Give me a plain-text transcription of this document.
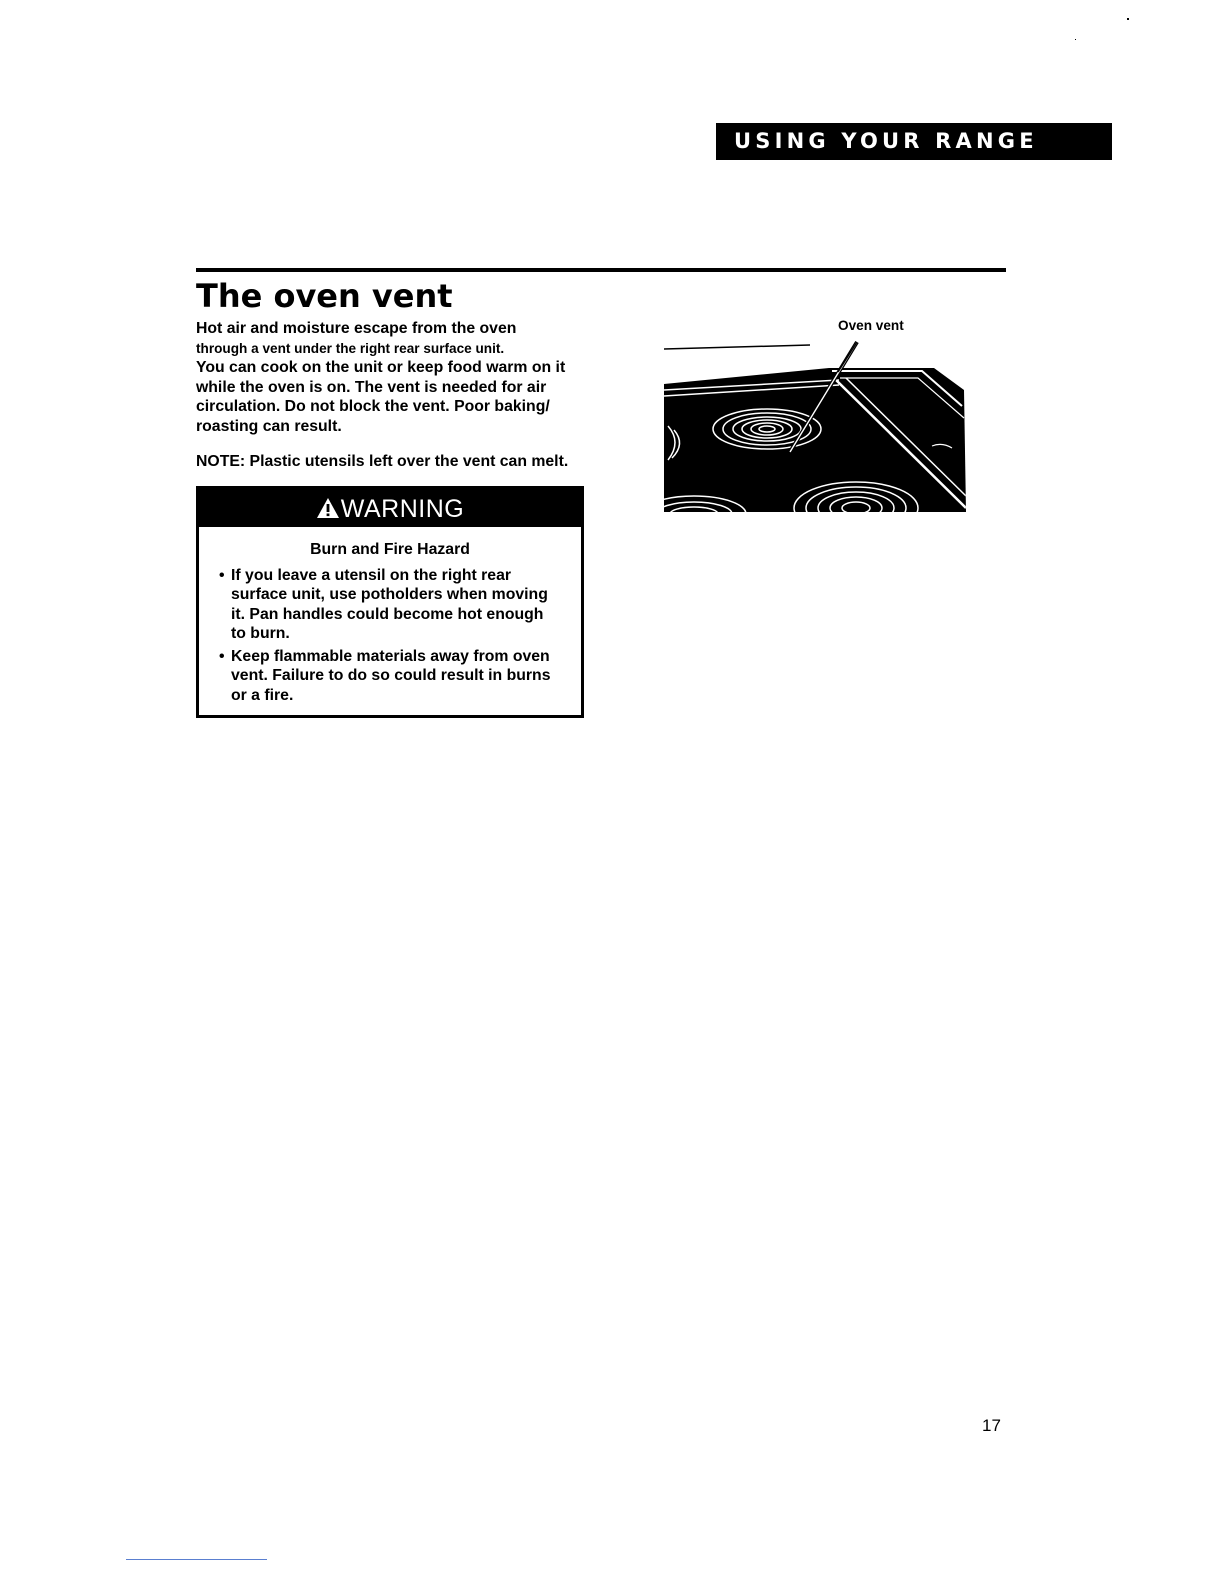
USING YOUR RANGE
The oven vent

Hot air and moisture escape from the oven
through a vent under the right rear surface unit.
You can cook on the unit or keep food warm on it while the oven is on. The vent is needed for air circulation. Do not block the vent. Poor baking/ roasting can result.

NOTE: Plastic utensils left over the vent can melt.

WARNING
Burn and Fire Hazard
• If you leave a utensil on the right rear surface unit, use potholders when moving it. Pan handles could become hot enough to burn.
• Keep flammable materials away from oven vent. Failure to do so could result in burns or a fire.
Oven vent
17
